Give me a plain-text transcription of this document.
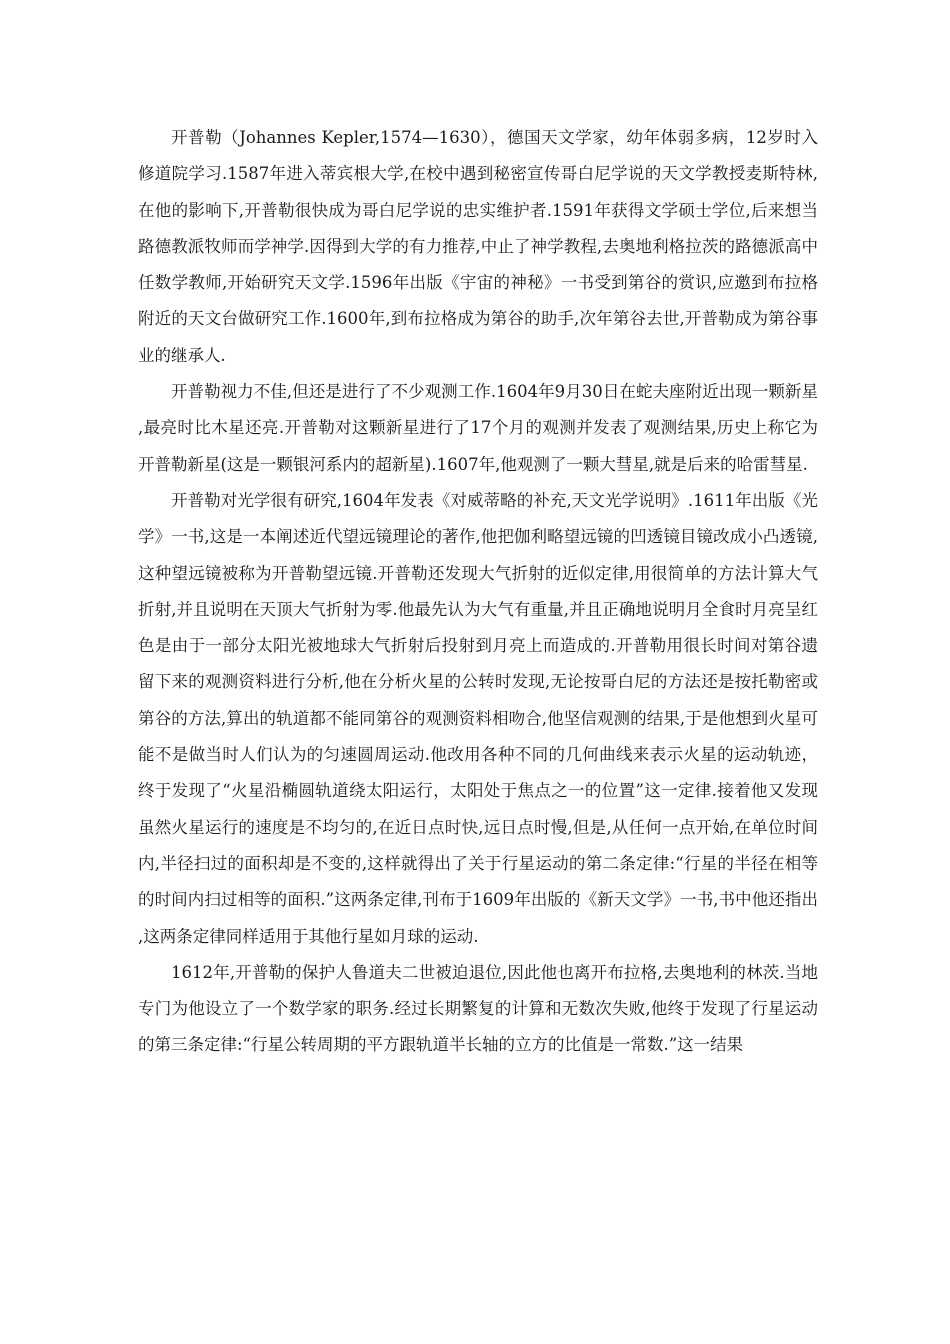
开普勒（Johannes Kepler,1574—1630），德国天文学家，幼年体弱多病，12岁时入修道院学习.1587年进入蒂宾根大学,在校中遇到秘密宣传哥白尼学说的天文学教授麦斯特林,在他的影响下,开普勒很快成为哥白尼学说的忠实维护者.1591年获得文学硕士学位,后来想当路德教派牧师而学神学.因得到大学的有力推荐,中止了神学教程,去奥地利格拉茨的路德派高中任数学教师,开始研究天文学.1596年出版《宇宙的神秘》一书受到第谷的赏识,应邀到布拉格附近的天文台做研究工作.1600年,到布拉格成为第谷的助手,次年第谷去世,开普勒成为第谷事业的继承人.

开普勒视力不佳,但还是进行了不少观测工作.1604年9月30日在蛇夫座附近出现一颗新星,最亮时比木星还亮.开普勒对这颗新星进行了17个月的观测并发表了观测结果,历史上称它为开普勒新星(这是一颗银河系内的超新星).1607年,他观测了一颗大彗星,就是后来的哈雷彗星.

开普勒对光学很有研究,1604年发表《对威蒂略的补充,天文光学说明》.1611年出版《光学》一书,这是一本阐述近代望远镜理论的著作,他把伽利略望远镜的凹透镜目镜改成小凸透镜,这种望远镜被称为开普勒望远镜.开普勒还发现大气折射的近似定律,用很简单的方法计算大气折射,并且说明在天顶大气折射为零.他最先认为大气有重量,并且正确地说明月全食时月亮呈红色是由于一部分太阳光被地球大气折射后投射到月亮上而造成的.开普勒用很长时间对第谷遗留下来的观测资料进行分析,他在分析火星的公转时发现,无论按哥白尼的方法还是按托勒密或第谷的方法,算出的轨道都不能同第谷的观测资料相吻合,他坚信观测的结果,于是他想到火星可能不是做当时人们认为的匀速圆周运动.他改用各种不同的几何曲线来表示火星的运动轨迹，终于发现了“火星沿椭圆轨道绕太阳运行，太阳处于焦点之一的位置”这一定律.接着他又发现虽然火星运行的速度是不均匀的,在近日点时快,远日点时慢,但是,从任何一点开始,在单位时间内,半径扫过的面积却是不变的,这样就得出了关于行星运动的第二条定律:“行星的半径在相等的时间内扫过相等的面积.”这两条定律,刊布于1609年出版的《新天文学》一书,书中他还指出,这两条定律同样适用于其他行星如月球的运动.

1612年,开普勒的保护人鲁道夫二世被迫退位,因此他也离开布拉格,去奥地利的林茨.当地专门为他设立了一个数学家的职务.经过长期繁复的计算和无数次失败,他终于发现了行星运动的第三条定律:“行星公转周期的平方跟轨道半长轴的立方的比值是一常数.”这一结果
